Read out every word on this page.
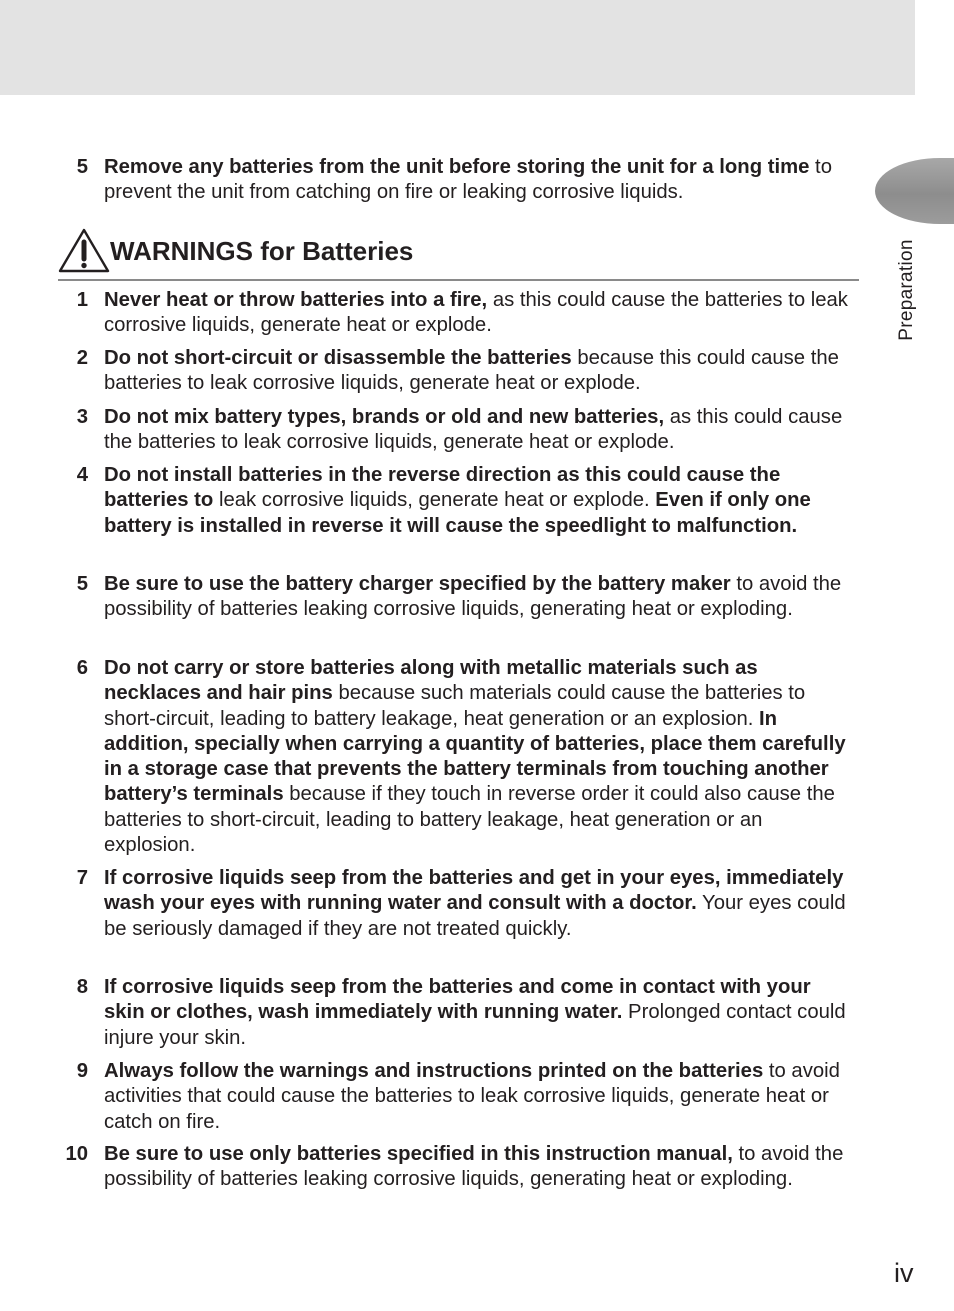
Preparation
5 Remove any batteries from the unit before storing the unit for a long time to prevent the unit from catching on fire or leaking corrosive liquids.
WARNINGS for Batteries
1 Never heat or throw batteries into a fire, as this could cause the batteries to leak corrosive liquids, generate heat or explode.
2 Do not short-circuit or disassemble the batteries because this could cause the batteries to leak corrosive liquids, generate heat or explode.
3 Do not mix battery types, brands or old and new batteries, as this could cause the batteries to leak corrosive liquids, generate heat or explode.
4 Do not install batteries in the reverse direction as this could cause the batteries to leak corrosive liquids, generate heat or explode. Even if only one battery is installed in reverse it will cause the speedlight to malfunction.
5 Be sure to use the battery charger specified by the battery maker to avoid the possibility of batteries leaking corrosive liquids, generating heat or exploding.
6 Do not carry or store batteries along with metallic materials such as necklaces and hair pins because such materials could cause the batteries to short-circuit, leading to battery leakage, heat generation or an explosion. In addition, specially when carrying a quantity of batteries, place them carefully in a storage case that prevents the battery terminals from touching another battery’s terminals because if they touch in reverse order it could also cause the batteries to short-circuit, leading to battery leakage, heat generation or an explosion.
7 If corrosive liquids seep from the batteries and get in your eyes, immediately wash your eyes with running water and consult with a doctor. Your eyes could be seriously damaged if they are not treated quickly.
8 If corrosive liquids seep from the batteries and come in contact with your skin or clothes, wash immediately with running water. Prolonged contact could injure your skin.
9 Always follow the warnings and instructions printed on the batteries to avoid activities that could cause the batteries to leak corrosive liquids, generate heat or catch on fire.
10 Be sure to use only batteries specified in this instruction manual, to avoid the possibility of batteries leaking corrosive liquids, generating heat or exploding.
iv
